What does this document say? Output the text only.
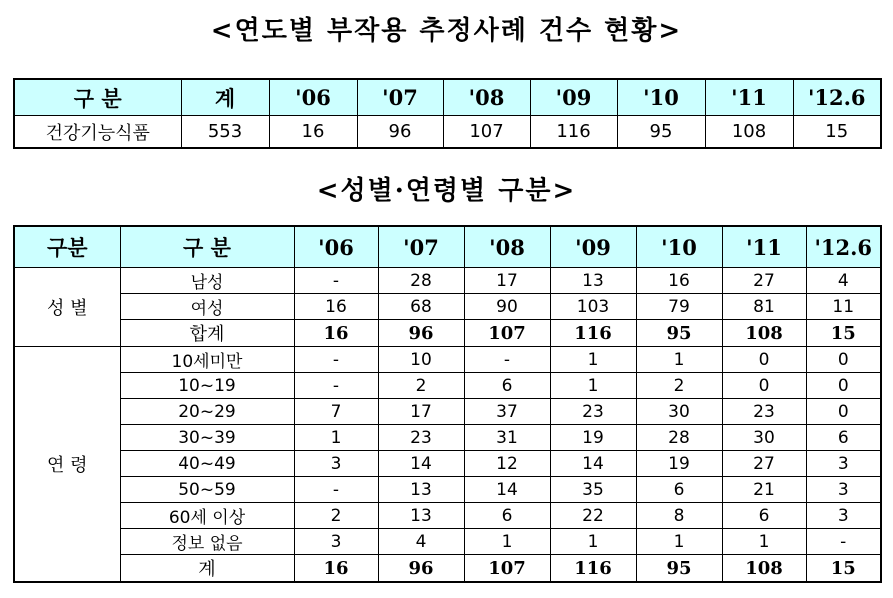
<연도별 부작용 추정사례 건수 현황>
구 분	계	'06	'07	'08	'09	'10	'11	'12.6
건강기능식품	553	16	96	107	116	95	108	15
<성별·연령별 구분>
구분	구 분	'06	'07	'08	'09	'10	'11	'12.6
성 별	남성	-	28	17	13	16	27	4
	여성	16	68	90	103	79	81	11
	합계	16	96	107	116	95	108	15
연 령	10세미만	-	10	-	1	1	0	0
	10~19	-	2	6	1	2	0	0
	20~29	7	17	37	23	30	23	0
	30~39	1	23	31	19	28	30	6
	40~49	3	14	12	14	19	27	3
	50~59	-	13	14	35	6	21	3
	60세 이상	2	13	6	22	8	6	3
	정보 없음	3	4	1	1	1	1	-
	계	16	96	107	116	95	108	15
